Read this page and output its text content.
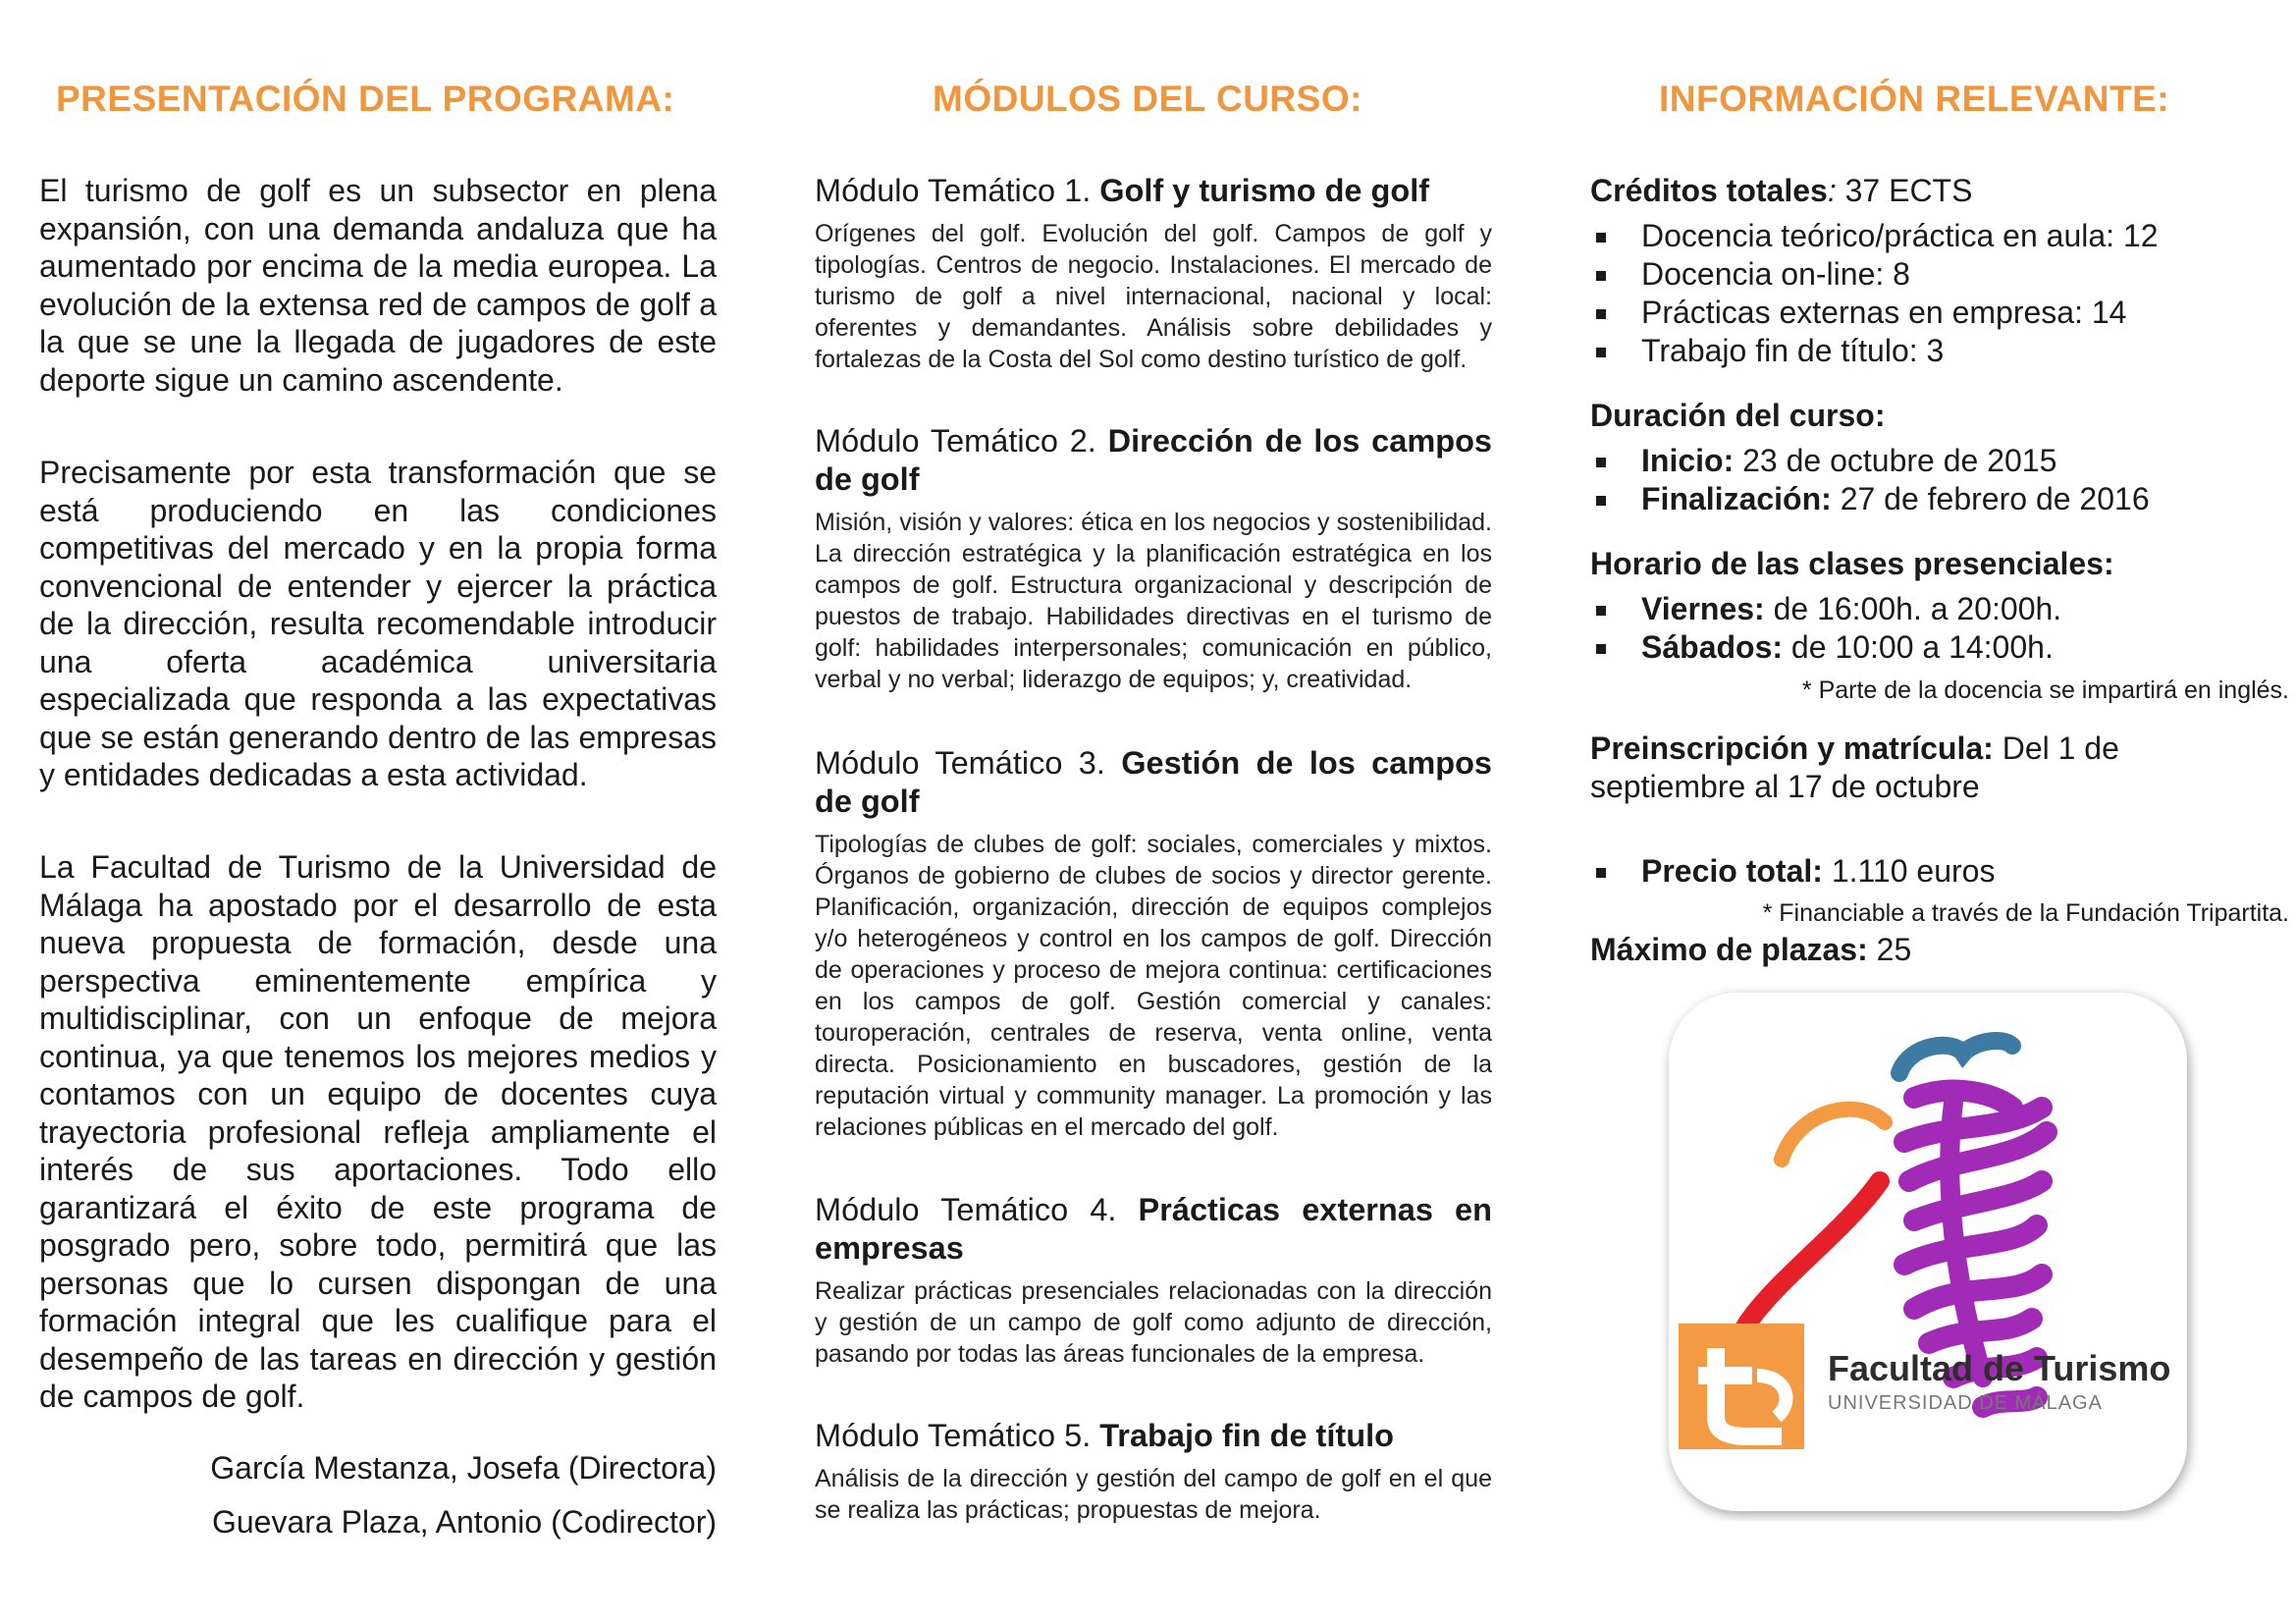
PRESENTACIÓN DEL PROGRAMA:

El turismo de golf es un subsector en plena expansión, con una demanda andaluza que ha aumentado por encima de la media europea. La evolución de la extensa red de campos de golf a la que se une la llegada de jugadores de este deporte sigue un camino ascendente.

Precisamente por esta transformación que se está produciendo en las condiciones competitivas del mercado y en la propia forma convencional de entender y ejercer la práctica de la dirección, resulta recomendable introducir una oferta académica universitaria especializada que responda a las expectativas que se están generando dentro de las empresas y entidades dedicadas a esta actividad.

La Facultad de Turismo de la Universidad de Málaga ha apostado por el desarrollo de esta nueva propuesta de formación, desde una perspectiva eminentemente empírica y multidisciplinar, con un enfoque de mejora continua, ya que tenemos los mejores medios y contamos con un equipo de docentes cuya trayectoria profesional refleja ampliamente el interés de sus aportaciones. Todo ello garantizará el éxito de este programa de posgrado pero, sobre todo, permitirá que las personas que lo cursen dispongan de una formación integral que les cualifique para el desempeño de las tareas en dirección y gestión de campos de golf.

García Mestanza, Josefa (Directora)

Guevara Plaza, Antonio (Codirector)

MÓDULOS DEL CURSO:

Módulo Temático 1. Golf y turismo de golf

Orígenes del golf. Evolución del golf. Campos de golf y tipologías. Centros de negocio. Instalaciones. El mercado de turismo de golf a nivel internacional, nacional y local: oferentes y demandantes. Análisis sobre debilidades y fortalezas de la Costa del Sol como destino turístico de golf.

Módulo Temático 2. Dirección de los campos de golf

Misión, visión y valores: ética en los negocios y sostenibilidad. La dirección estratégica y la planificación estratégica en los campos de golf. Estructura organizacional y descripción de puestos de trabajo. Habilidades directivas en el turismo de golf: habilidades interpersonales; comunicación en público, verbal y no verbal; liderazgo de equipos; y, creatividad.

Módulo Temático 3. Gestión de los campos de golf

Tipologías de clubes de golf: sociales, comerciales y mixtos. Órganos de gobierno de clubes de socios y director gerente. Planificación, organización, dirección de equipos complejos y/o heterogéneos y control en los campos de golf. Dirección de operaciones y proceso de mejora continua: certificaciones en los campos de golf. Gestión comercial y canales: touroperación, centrales de reserva, venta online, venta directa. Posicionamiento en buscadores, gestión de la reputación virtual y community manager. La promoción y las relaciones públicas en el mercado del golf.

Módulo Temático 4. Prácticas externas en empresas

Realizar prácticas presenciales relacionadas con la dirección y gestión de un campo de golf como adjunto de dirección, pasando por todas las áreas funcionales de la empresa.

Módulo Temático 5. Trabajo fin de título

Análisis de la dirección y gestión del campo de golf en el que se realiza las prácticas; propuestas de mejora.

INFORMACIÓN RELEVANTE:

Créditos totales: 37 ECTS

Docencia teórico/práctica en aula: 12

Docencia on-line: 8

Prácticas externas en empresa: 14

Trabajo fin de título: 3

Duración del curso:

Inicio: 23 de octubre de 2015

Finalización: 27 de febrero de 2016

Horario de las clases presenciales:

Viernes: de 16:00h. a 20:00h.

Sábados: de 10:00 a 14:00h.

* Parte de la docencia se impartirá en inglés.

Preinscripción y matrícula: Del 1 de septiembre al 17 de octubre

Precio total: 1.110 euros

* Financiable a través de la Fundación Tripartita.

Máximo de plazas: 25

Facultad de Turismo
UNIVERSIDAD DE MÁLAGA
